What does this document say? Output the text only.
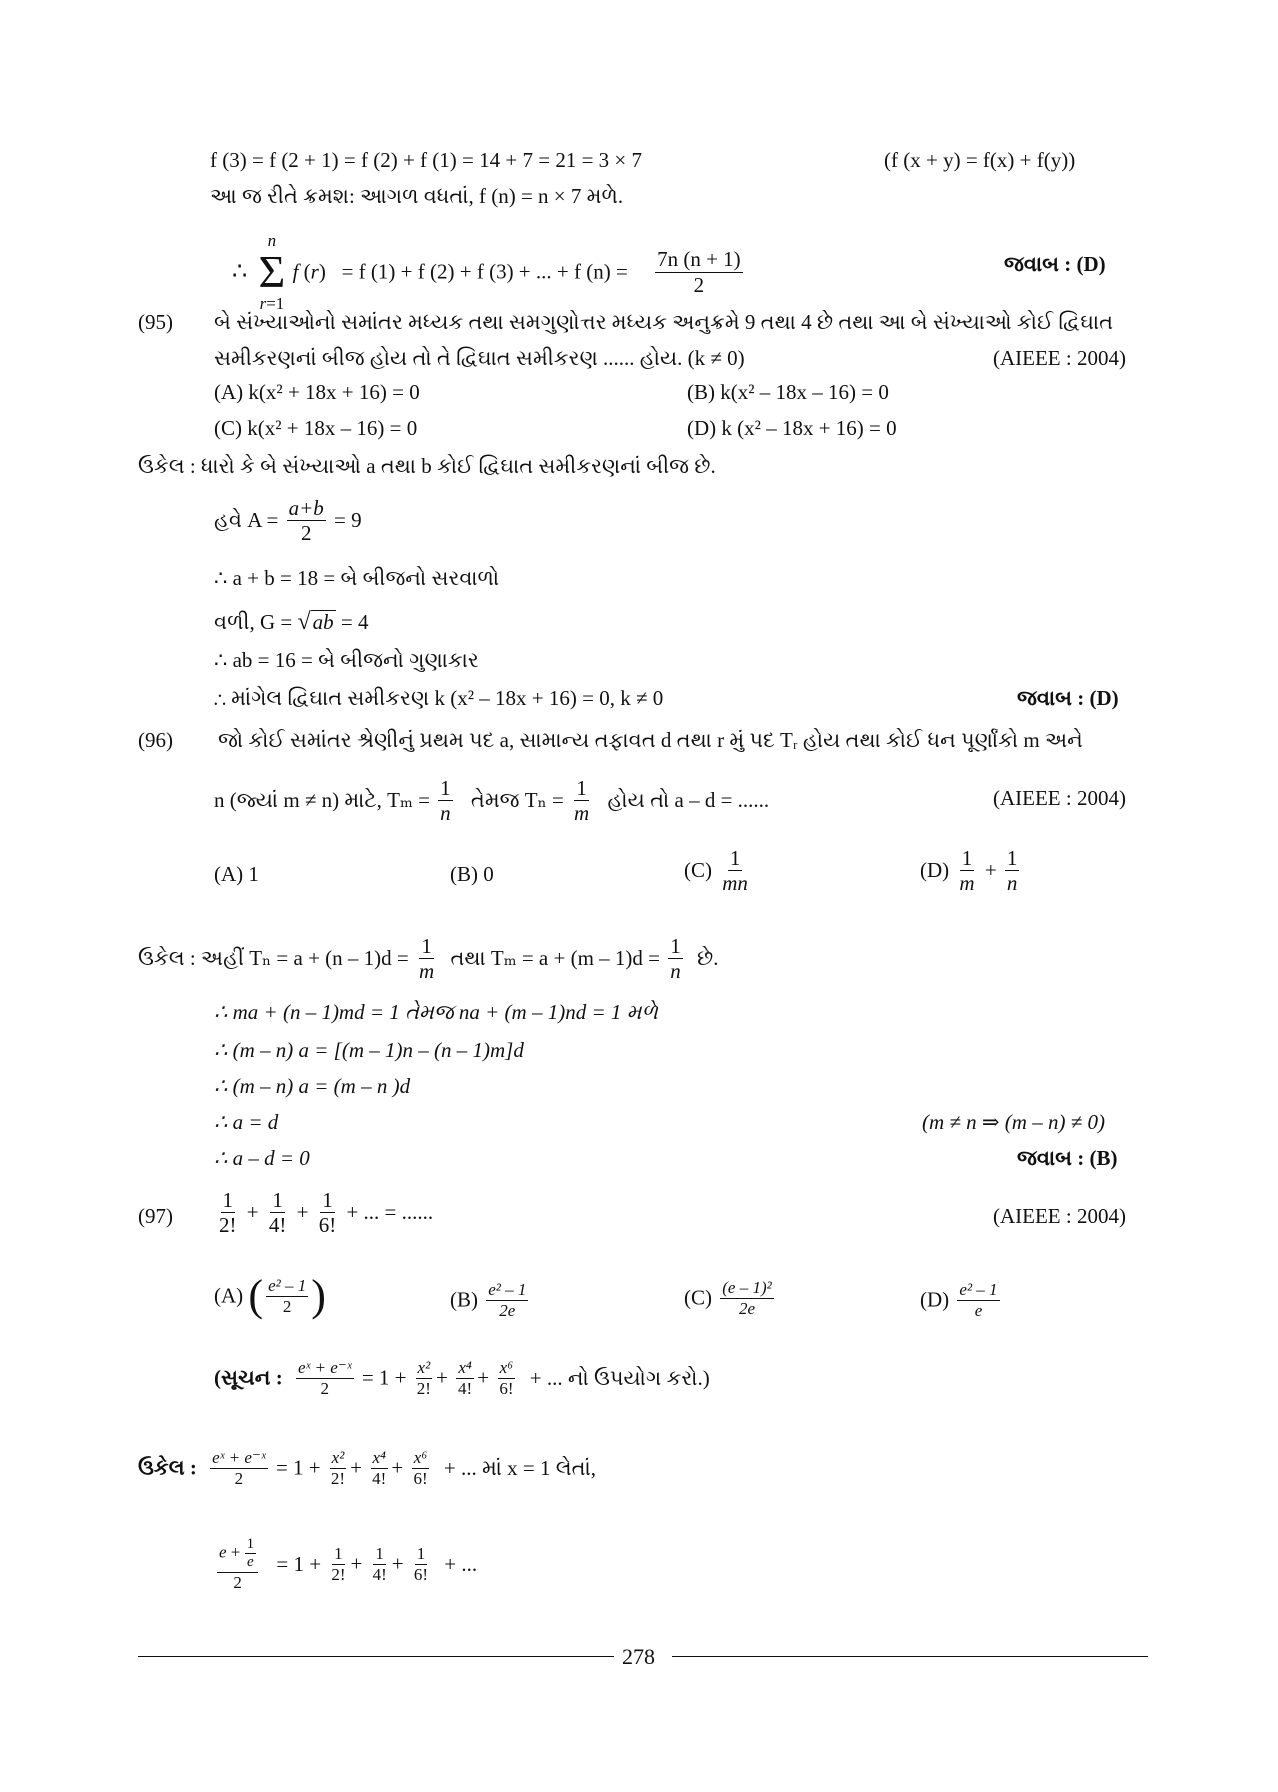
f (3) = f (2 + 1) = f (2) + f (1) = 14 + 7 = 21 = 3 × 7	(f (x + y) = f(x) + f(y))
આ જ રીતે ક્રમશ: આગળ વધતાં, f (n) = n × 7 મળે.
∴
n
Σ
r=1
f (r)   = f (1) + f (2) + f (3) + ... + f $(n) = \frac{7n (n + 1)}{2}$	જવાબ : (D)
(95) બે સંખ્યાઓનો સમાંતર મધ્યક તથા સમગુણોત્તર મધ્યક અનુક્રમે 9 તથા 4 છે તથા આ બે સંખ્યાઓ કોઈ દ્વિઘાત
સમીકરણનાં બીજ હોય તો તે દ્વિઘાત સમીકરણ ...... હોય. (k ≠ 0)	(AIEEE : 2004)
(A) k(x² + 18x + 16) = 0	(B) k(x² – 18x – 16) = 0
(C) k(x² + 18x – 16) = 0	(D) k (x² – 18x + 16) = 0
ઉકેલ : ધારો કે બે સંખ્યાઓ a તથા b કોઈ દ્વિઘાત સમીકરણનાં બીજ છે.
હવે $A = \frac{a+b}{2} = 9$
∴ a + b = 18 = બે બીજનો સરવાળો
વળી, G = √ab = 4
∴ ab = 16 = બે બીજનો ગુણાકાર
∴ માંગેલ દ્વિઘાત સમીકરણ k (x² – 18x + 16) = 0, k ≠ 0	જવાબ : (D)
(96) જો કોઈ સમાંતર શ્રેણીનું પ્રથમ પદ a, સામાન્ય તફાવત d તથા r મું પદ Tᵣ હોય તથા કોઈ ધન પૂર્ણાંકો m અને
n (જ્યાં m ≠ n) માટે, $T_m = \frac{1}{n}$ તેમજ $T_n = \frac{1}{m}$ હોય તો a – d = ......	(AIEEE : 2004)
(A) 1	(B) 0	$(C) \frac{1}{mn}$	$(D) \frac{1}{m} + \frac{1}{n}$
ઉકેલ : અહીં $T_n = a + (n - 1)d = \frac{1}{m}$ તથા $T_m = a + (m - 1)d = \frac{1}{n}$ છે.
∴ ma + (n – 1)md = 1 તેમજ na + (m – 1)nd = 1 મળે
∴ (m – n) a = [(m – 1)n – (n – 1)m]d
∴ (m – n) a = (m – n )d
∴ a = d	(m ≠ n ⇒ (m – n) ≠ 0)
∴ a – d = 0	જવાબ : (B)
$(97) \frac{1}{2!} + \frac{1}{4!} + \frac{1}{6!}$ + ... = ......	(AIEEE : 2004)
(A) ( $\frac{\text{e² – 1}}{2}$ )	$(B) \frac{\text{e² – 1}}{2e}$	$(C) \frac{\text{(e – 1)²}}{2e}$	$(D) \frac{\text{e² – 1}}{e}$
(સૂચન : $\frac{\text{eˣ + e⁻ˣ}}{2} = 1 + \frac{\text{x²}}{2!} + \frac{\text{x⁴}}{4!} + \frac{\text{x⁶}}{6!}$ + ... નો ઉપયોગ કરો.)
ઉકેલ : $\frac{\text{eˣ + e⁻ˣ}}{2} = 1 + \frac{\text{x²}}{2!} + \frac{\text{x⁴}}{4!} + \frac{\text{x⁶}}{6!}$ + ... માં x = 1 લેતાં,
$\frac{e + \frac{1}{e}}{2} = 1 + \frac{1}{2!} + \frac{1}{4!} + \frac{1}{6!}$ + ...
278
